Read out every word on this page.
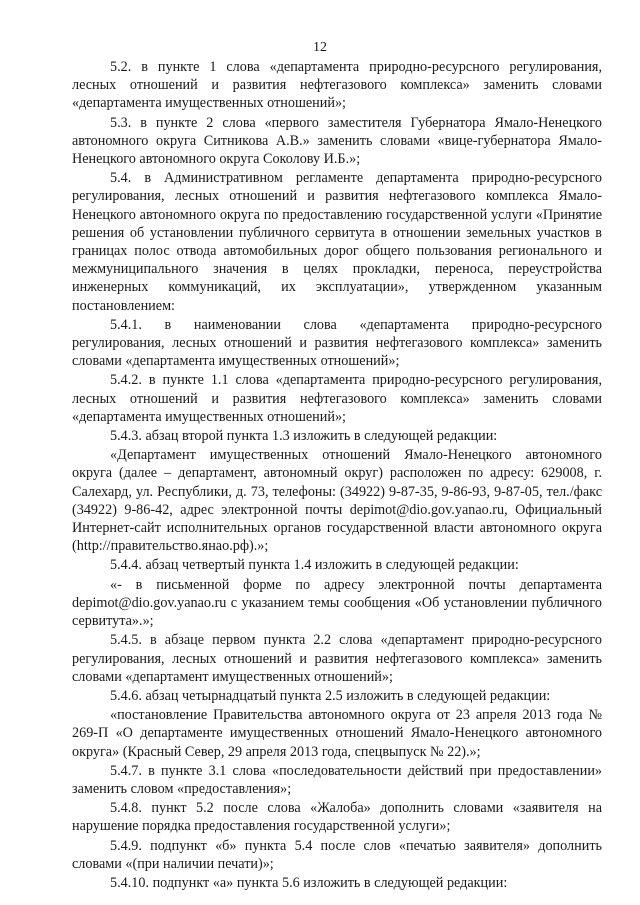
12

5.2. в пункте 1 слова «департамента природно-ресурсного регулирования, лесных отношений и развития нефтегазового комплекса» заменить словами «департамента имущественных отношений»;

5.3. в пункте 2 слова «первого заместителя Губернатора Ямало-Ненецкого автономного округа Ситникова А.В.» заменить словами «вице-губернатора Ямало-Ненецкого автономного округа Соколову И.Б.»;

5.4. в Административном регламенте департамента природно-ресурсного регулирования, лесных отношений и развития нефтегазового комплекса Ямало-Ненецкого автономного округа по предоставлению государственной услуги «Принятие решения об установлении публичного сервитута в отношении земельных участков в границах полос отвода автомобильных дорог общего пользования регионального и межмуниципального значения в целях прокладки, переноса, переустройства инженерных коммуникаций, их эксплуатации», утвержденном указанным постановлением:

5.4.1. в наименовании слова «департамента природно-ресурсного регулирования, лесных отношений и развития нефтегазового комплекса» заменить словами «департамента имущественных отношений»;

5.4.2. в пункте 1.1 слова «департамента природно-ресурсного регулирования, лесных отношений и развития нефтегазового комплекса» заменить словами «департамента имущественных отношений»;

5.4.3. абзац второй пункта 1.3 изложить в следующей редакции:

«Департамент имущественных отношений Ямало-Ненецкого автономного округа (далее – департамент, автономный округ) расположен по адресу: 629008, г. Салехард, ул. Республики, д. 73, телефоны: (34922) 9-87-35, 9-86-93, 9-87-05, тел./факс (34922) 9-86-42, адрес электронной почты depimot@dio.gov.yanao.ru, Официальный Интернет-сайт исполнительных органов государственной власти автономного округа (http://правительство.янао.рф).»;

5.4.4. абзац четвертый пункта 1.4 изложить в следующей редакции:

«- в письменной форме по адресу электронной почты департамента depimot@dio.gov.yanao.ru с указанием темы сообщения «Об установлении публичного сервитута».»;

5.4.5. в абзаце первом пункта 2.2 слова «департамент природно-ресурсного регулирования, лесных отношений и развития нефтегазового комплекса» заменить словами «департамент имущественных отношений»;

5.4.6. абзац четырнадцатый пункта 2.5 изложить в следующей редакции:

«постановление Правительства автономного округа от 23 апреля 2013 года № 269-П «О департаменте имущественных отношений Ямало-Ненецкого автономного округа» (Красный Север, 29 апреля 2013 года, спецвыпуск № 22).»;

5.4.7. в пункте 3.1 слова «последовательности действий при предоставлении» заменить словом «предоставления»;

5.4.8. пункт 5.2 после слова «Жалоба» дополнить словами «заявителя на нарушение порядка предоставления государственной услуги»;

5.4.9. подпункт «б» пункта 5.4 после слов «печатью заявителя» дополнить словами «(при наличии печати)»;

5.4.10. подпункт «а» пункта 5.6 изложить в следующей редакции:
